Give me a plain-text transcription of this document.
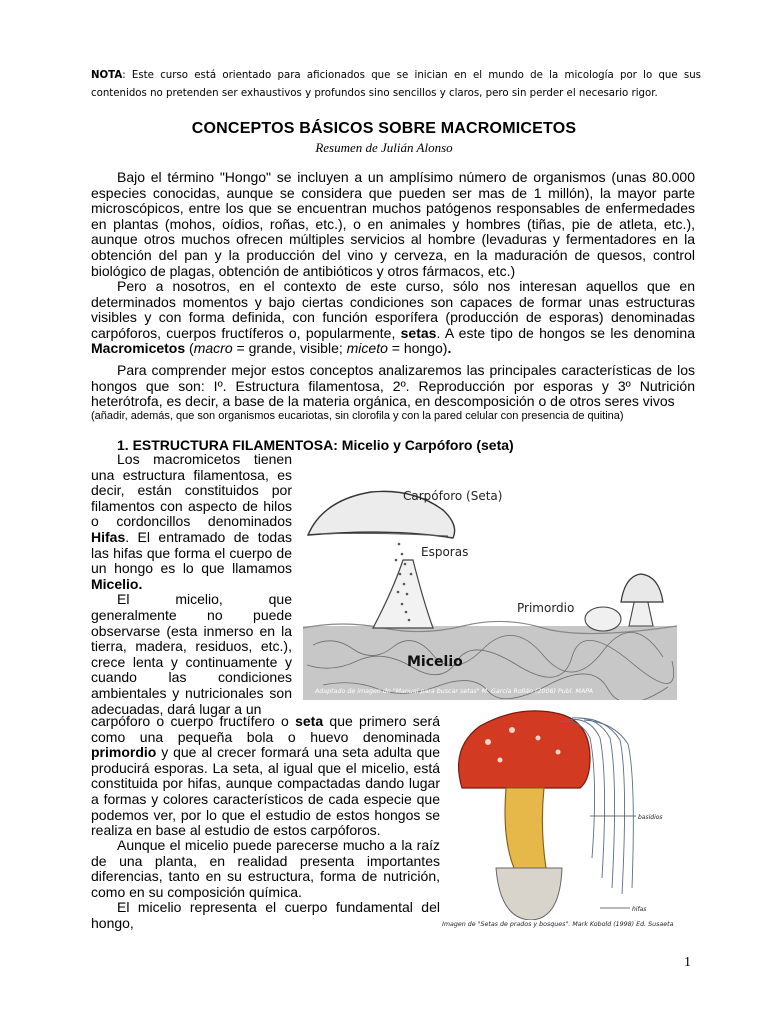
NOTA: Este curso está orientado para aficionados que se inician en el mundo de la micología por lo que sus contenidos no pretenden ser exhaustivos y profundos sino sencillos y claros, pero sin perder el necesario rigor.
CONCEPTOS BÁSICOS SOBRE MACROMICETOS
Resumen de Julián Alonso
Bajo el término "Hongo" se incluyen a un amplísimo número de organismos (unas 80.000 especies conocidas, aunque se considera que pueden ser mas de 1 millón), la mayor parte microscópicos, entre los que se encuentran muchos patógenos responsables de enfermedades en plantas (mohos, oídios, roñas, etc.), o en animales y hombres (tiñas, pie de atleta, etc.), aunque otros muchos ofrecen múltiples servicios al hombre (levaduras y fermentadores en la obtención del pan y la producción del vino y cerveza, en la maduración de quesos, control biológico de plagas, obtención de antibióticos y otros fármacos, etc.)
Pero a nosotros, en el contexto de este curso, sólo nos interesan aquellos que en determinados momentos y bajo ciertas condiciones son capaces de formar unas estructuras visibles y con forma definida, con función esporífera (producción de esporas) denominadas carpóforos, cuerpos fructíferos o, popularmente, setas. A este tipo de hongos se les denomina Macromicetos (macro = grande, visible; miceto = hongo).
Para comprender mejor estos conceptos analizaremos las principales características de los hongos que son: Iº. Estructura filamentosa, 2º. Reproducción por esporas y 3º Nutrición heterótrofa, es decir, a base de la materia orgánica, en descomposición o de otros seres vivos
(añadir, además, que son organismos eucariotas, sin clorofila y con la pared celular con presencia de quitina)
1. ESTRUCTURA FILAMENTOSA: Micelio y Carpóforo (seta)
Los macromicetos tienen una estructura filamentosa, es decir, están constituidos por filamentos con aspecto de hilos o cordoncillos denominados Hifas. El entramado de todas las hifas que forma el cuerpo de un hongo es lo que llamamos Micelio.
El micelio, que generalmente no puede observarse (esta inmerso en la tierra, madera, residuos, etc.), crece lenta y continuamente y cuando las condiciones ambientales y nutricionales son adecuadas, dará lugar a un
carpóforo o cuerpo fructífero o seta que primero será como una pequeña bola o huevo denominada primordio y que al crecer formará una seta adulta que producirá esporas. La seta, al igual que el micelio, está constituida por hifas, aunque compactadas dando lugar a formas y colores característicos de cada especie que podemos ver, por lo que el estudio de estos hongos se realiza en base al estudio de estos carpóforos.
Aunque el micelio puede parecerse mucho a la raíz de una planta, en realidad presenta importantes diferencias, tanto en su estructura, forma de nutrición, como en su composición química.
El micelio representa el cuerpo fundamental del hongo,
Carpóforo (Seta)
Esporas
Primordio
Micelio
Adaptado de imagen de "Manual para buscar setas" M. García Rollán (2006) Publ. MAPA
basidios
hifas
Imagen de "Setas de prados y bosques". Mark Kobold (1998) Ed. Susaeta
1
